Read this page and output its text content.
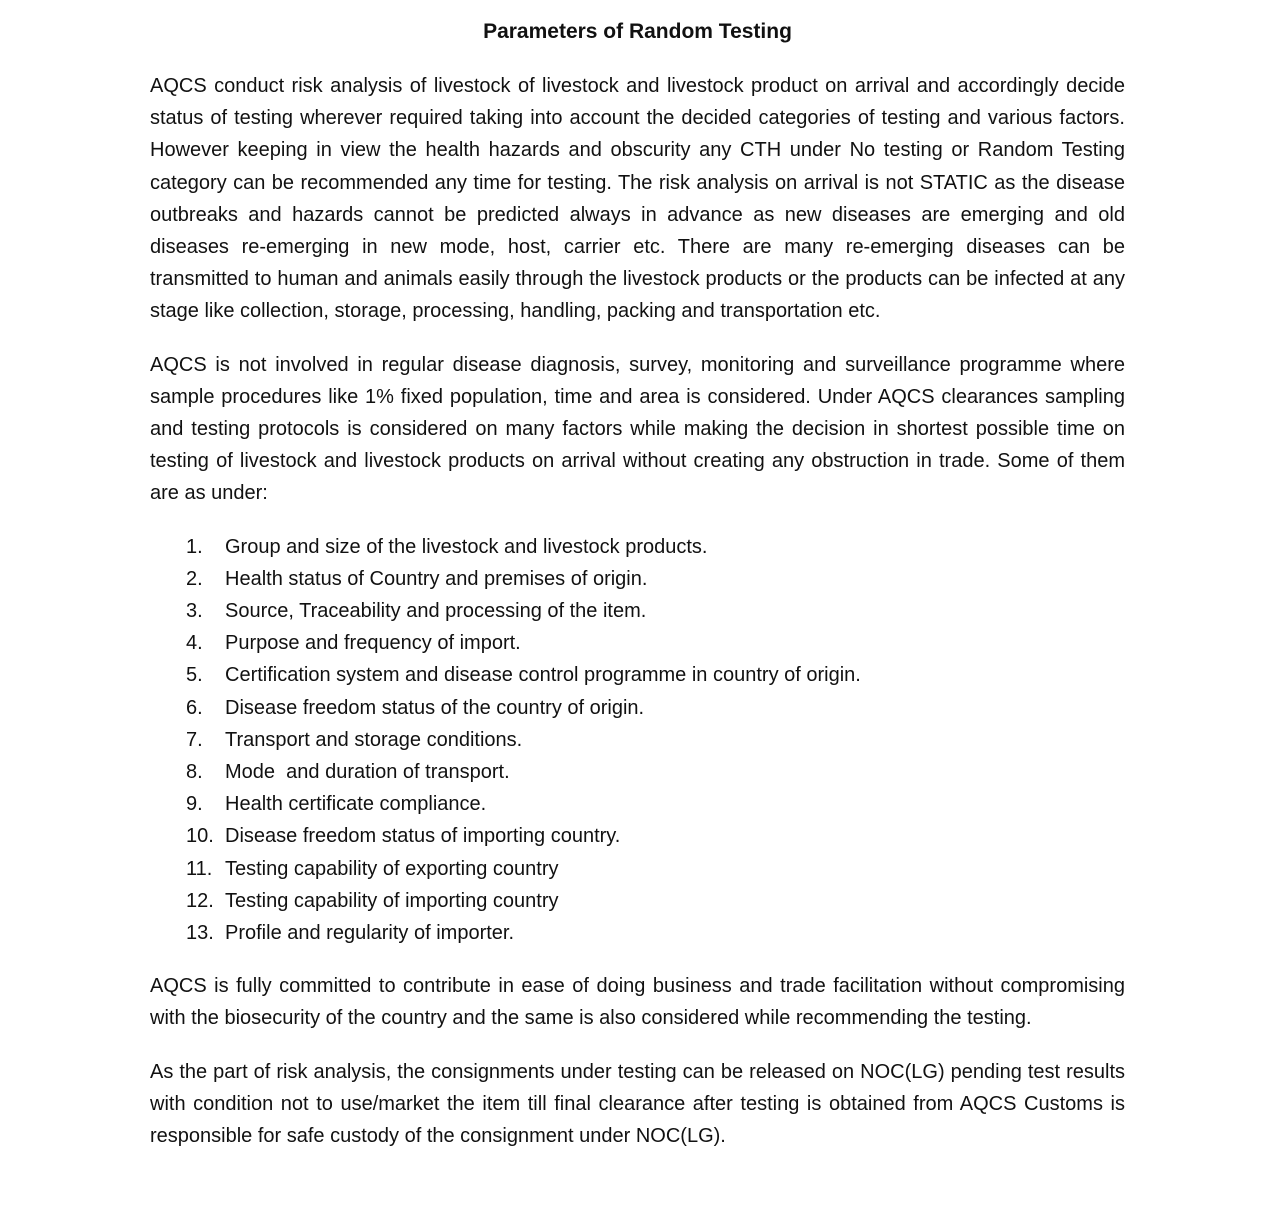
Parameters of Random Testing

AQCS conduct risk analysis of livestock of livestock and livestock product on arrival and accordingly decide status of testing wherever required taking into account the decided categories of testing and various factors. However keeping in view the health hazards and obscurity any CTH under No testing or Random Testing category can be recommended any time for testing. The risk analysis on arrival is not STATIC as the disease outbreaks and hazards cannot be predicted always in advance as new diseases are emerging and old diseases re-emerging in new mode, host, carrier etc. There are many re-emerging diseases can be transmitted to human and animals easily through the livestock products or the products can be infected at any stage like collection, storage, processing, handling, packing and transportation etc.

AQCS is not involved in regular disease diagnosis, survey, monitoring and surveillance programme where sample procedures like 1% fixed population, time and area is considered. Under AQCS clearances sampling and testing protocols is considered on many factors while making the decision in shortest possible time on testing of livestock and livestock products on arrival without creating any obstruction in trade. Some of them are as under:

1. Group and size of the livestock and livestock products.
2. Health status of Country and premises of origin.
3. Source, Traceability and processing of the item.
4. Purpose and frequency of import.
5. Certification system and disease control programme in country of origin.
6. Disease freedom status of the country of origin.
7. Transport and storage conditions.
8. Mode  and duration of transport.
9. Health certificate compliance.
10. Disease freedom status of importing country.
11. Testing capability of exporting country
12. Testing capability of importing country
13. Profile and regularity of importer.

AQCS is fully committed to contribute in ease of doing business and trade facilitation without compromising with the biosecurity of the country and the same is also considered while recommending the testing.

As the part of risk analysis, the consignments under testing can be released on NOC(LG) pending test results with condition not to use/market the item till final clearance after testing is obtained from AQCS Customs is responsible for safe custody of the consignment under NOC(LG).
